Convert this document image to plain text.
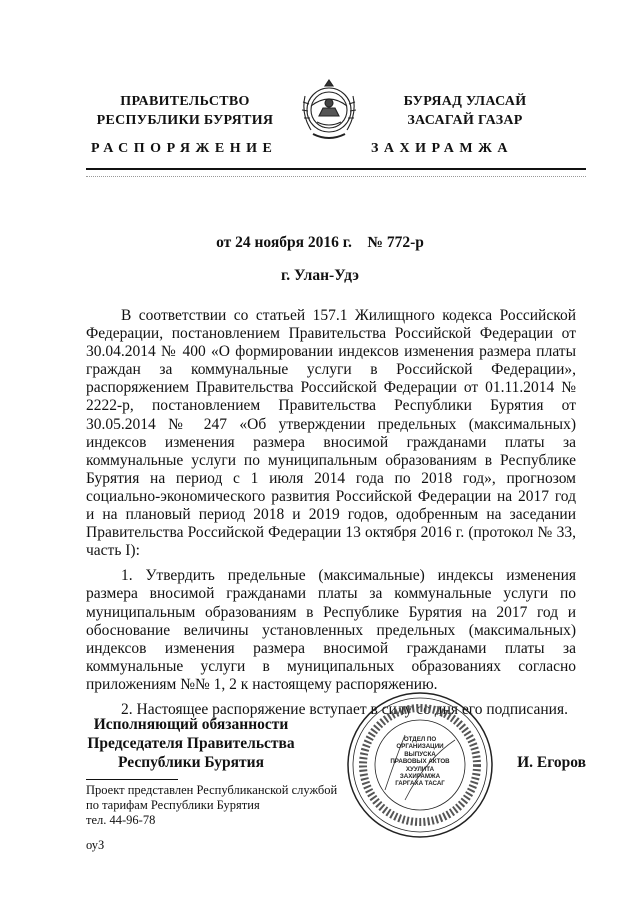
ПРАВИТЕЛЬСТВО
РЕСПУБЛИКИ БУРЯТИЯ
БУРЯАД УЛАСАЙ
ЗАСАГАЙ ГАЗАР
РАСПОРЯЖЕНИЕ	ЗАХИРАМЖА
от 24 ноября 2016 г.    № 772-р
г. Улан-Удэ

В соответствии со статьей 157.1 Жилищного кодекса Российской Федерации, постановлением Правительства Российской Федерации от 30.04.2014 № 400 «О формировании индексов изменения размера платы граждан за коммунальные услуги в Российской Федерации», распоряжением Правительства Российской Федерации от 01.11.2014 № 2222-р, постановлением Правительства Республики Бурятия от 30.05.2014 № 247 «Об утверждении предельных (максимальных) индексов изменения размера вносимой гражданами платы за коммунальные услуги по муниципальным образованиям в Республике Бурятия на период с 1 июля 2014 года по 2018 год», прогнозом социально-экономического развития Российской Федерации на 2017 год и на плановый период 2018 и 2019 годов, одобренным на заседании Правительства Российской Федерации 13 октября 2016 г. (протокол № 33, часть I):

1. Утвердить предельные (максимальные) индексы изменения размера вносимой гражданами платы за коммунальные услуги по муниципальным образованиям в Республике Бурятия на 2017 год и обоснование величины установленных предельных (максимальных) индексов изменения размера вносимой гражданами платы за коммунальные услуги в муниципальных образованиях согласно приложениям №№ 1, 2 к настоящему распоряжению.

2. Настоящее распоряжение вступает в силу со дня его подписания.

Исполняющий обязанности
Председателя Правительства
Республики Бурятия
ОТДЕЛ ПО ОРГАНИЗАЦИИ ВЫПУСКА ПРАВОВЫХ АКТОВ ХУУЛИТА ЗАХИРАМЖА ГАРГАХА ТАСАГ
И. Егоров
Проект представлен Республиканской службой
по тарифам Республики Бурятия
тел. 44-96-78
оуЗ
